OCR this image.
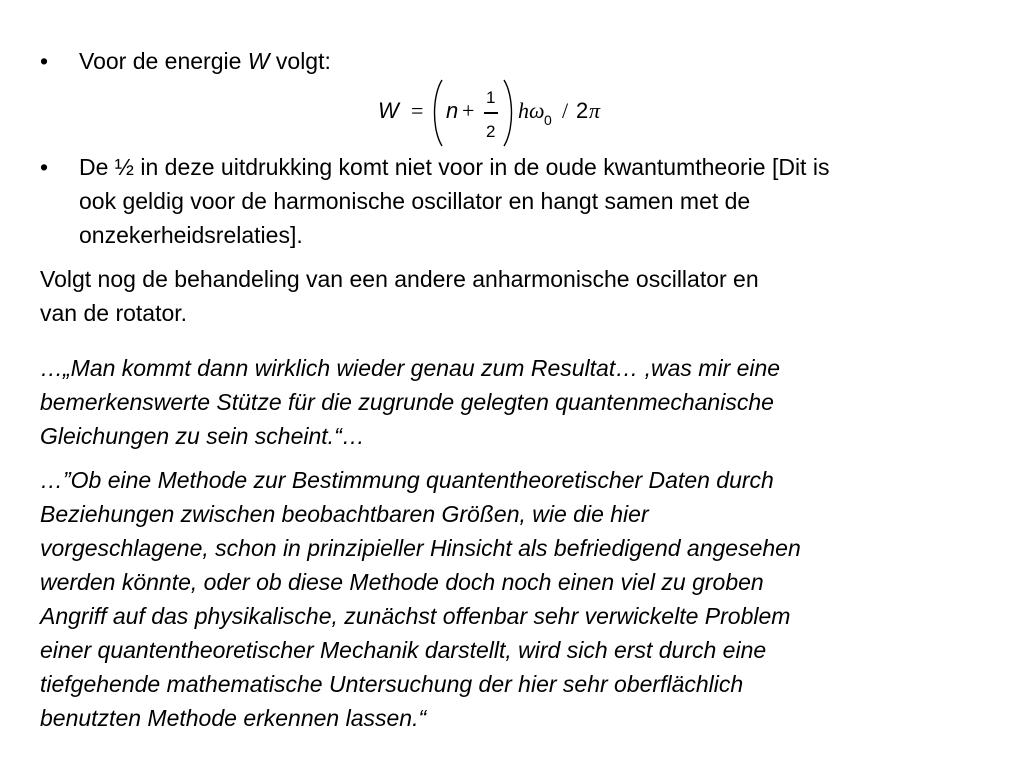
•	Voor de energie W volgt:
W = n +
1
2
h ω 0 / 2 π
•	De ½ in deze uitdrukking komt niet voor in de oude kwantumtheorie [Dit is
ook geldig voor de harmonische oscillator en hangt samen met de
onzekerheidsrelaties].
Volgt nog de behandeling van een andere anharmonische oscillator en
van de rotator.
…„Man kommt dann wirklich wieder genau zum Resultat… ,was mir eine
bemerkenswerte Stütze für die zugrunde gelegten quantenmechanische
Gleichungen zu sein scheint.“…
…”Ob eine Methode zur Bestimmung quantentheoretischer Daten durch
Beziehungen zwischen beobachtbaren Größen, wie die hier
vorgeschlagene, schon in prinzipieller Hinsicht als befriedigend angesehen
werden könnte, oder ob diese Methode doch noch einen viel zu groben
Angriff auf das physikalische, zunächst offenbar sehr verwickelte Problem
einer quantentheoretischer Mechanik darstellt, wird sich erst durch eine
tiefgehende mathematische Untersuchung der hier sehr oberflächlich
benutzten Methode erkennen lassen.“
